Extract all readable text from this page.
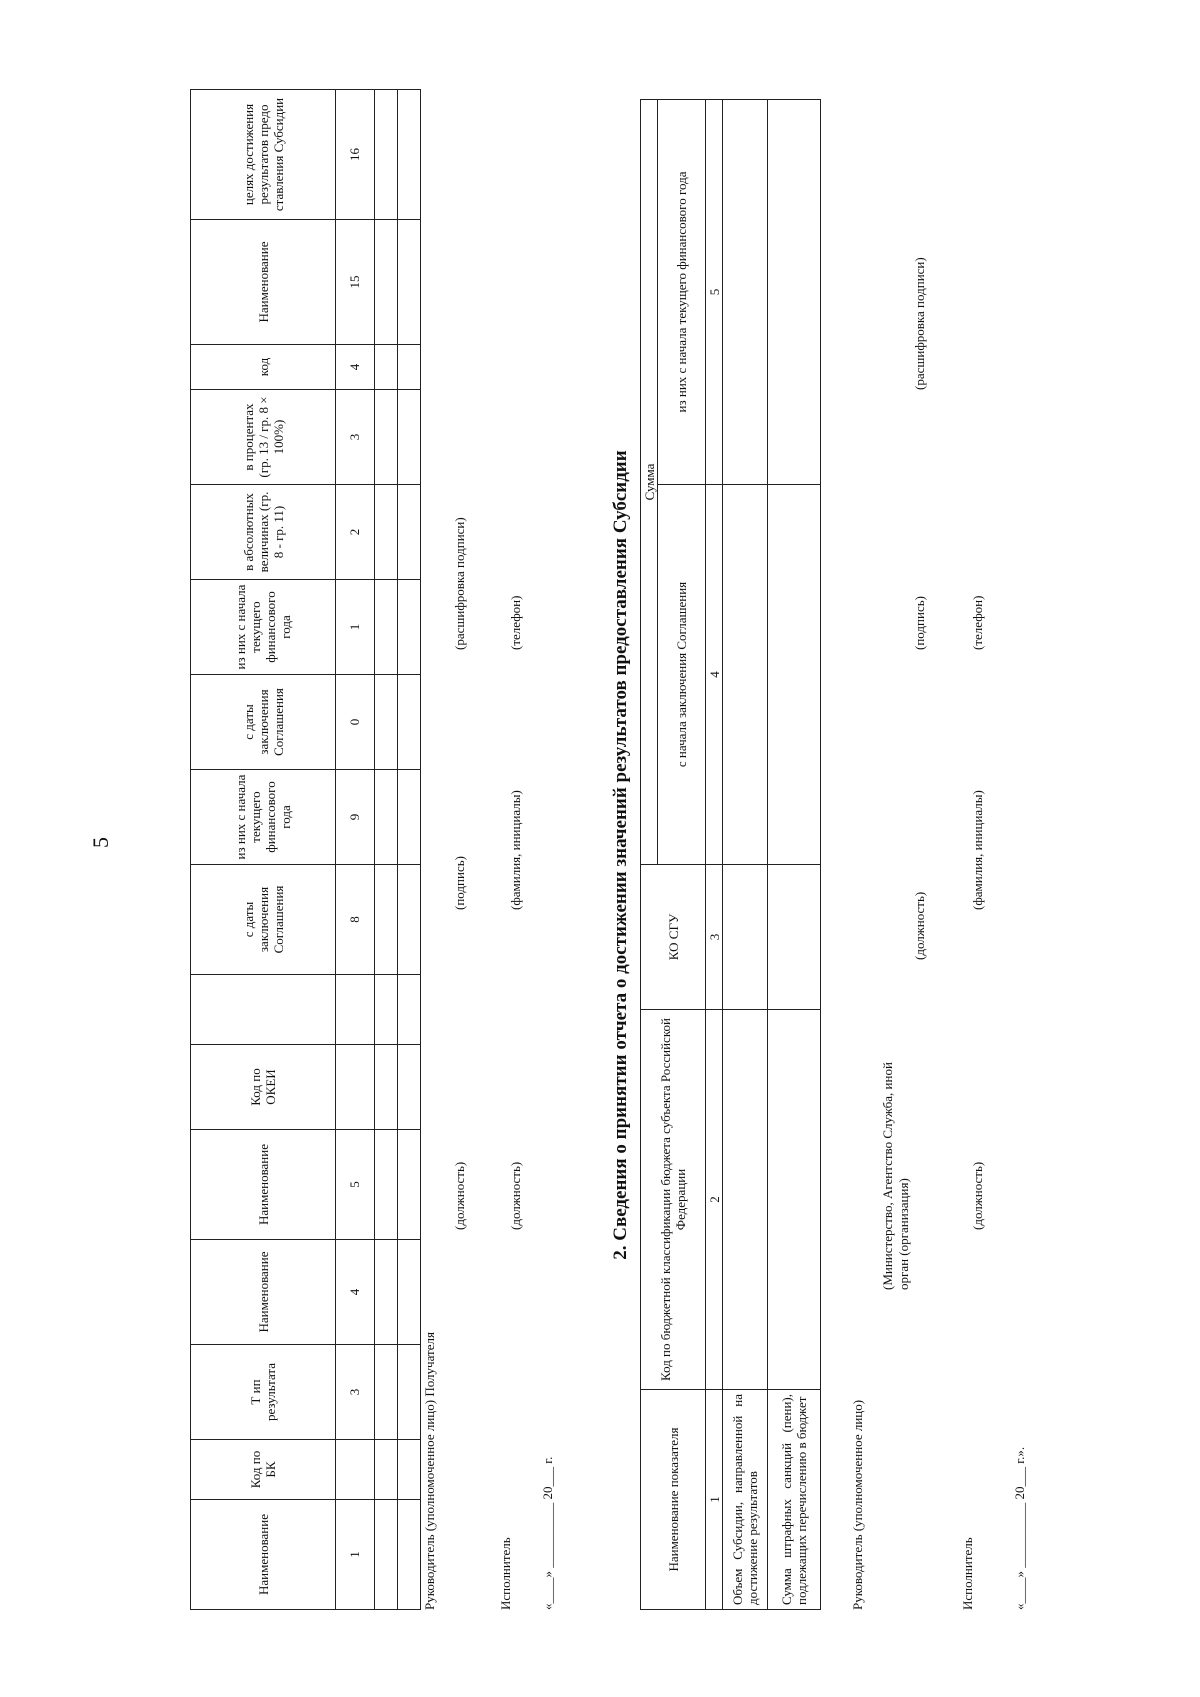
5
Наименование	Код по БК	Т ип результата	Наименование	Наименование	Код по ОКЕИ		с даты заключения Соглашения	из них с начала текущего финансового года	с даты заключения Соглашения	из них с начала текущего финансового года	в абсолютных величинах (гр. 8 - гр. 11)	в процентах (гр. 13 / гр. 8 × 100%)	код	Наименование	целях достижения результатов предо ставления Субсидии
1		3	4	5			8	9	0	1	2	3	4	15	16

Руководитель (уполномоченное лицо) Получателя
(должность)
(подпись)
(расшифровка подписи)
Исполнитель
(должность)
(фамилия, инициалы)
(телефон)
«____» __________ 20___ г.
2. Сведения о принятии отчета о достижении значений результатов предоставления Субсидии
Наименование показателя	Код по бюджетной классификации бюджета субъекта Российской Федерации	КО СГУ	Сумма	
			с начала заключения Соглашения	из них с начала текущего финансового года
1	2	3	4	5
Объем Субсидии, направленной на достижение результатов				
Сумма штрафных санкций (пени), подлежащих перечислению в бюджет					Руководитель (уполномоченное лицо)
(Министерство, Агентство Служба, иной орган (организация)
(должность)
(подпись)
(расшифровка подписи)
Исполнитель
(должность)
(фамилия, инициалы)
(телефон)
«____» __________ 20___ г.».
